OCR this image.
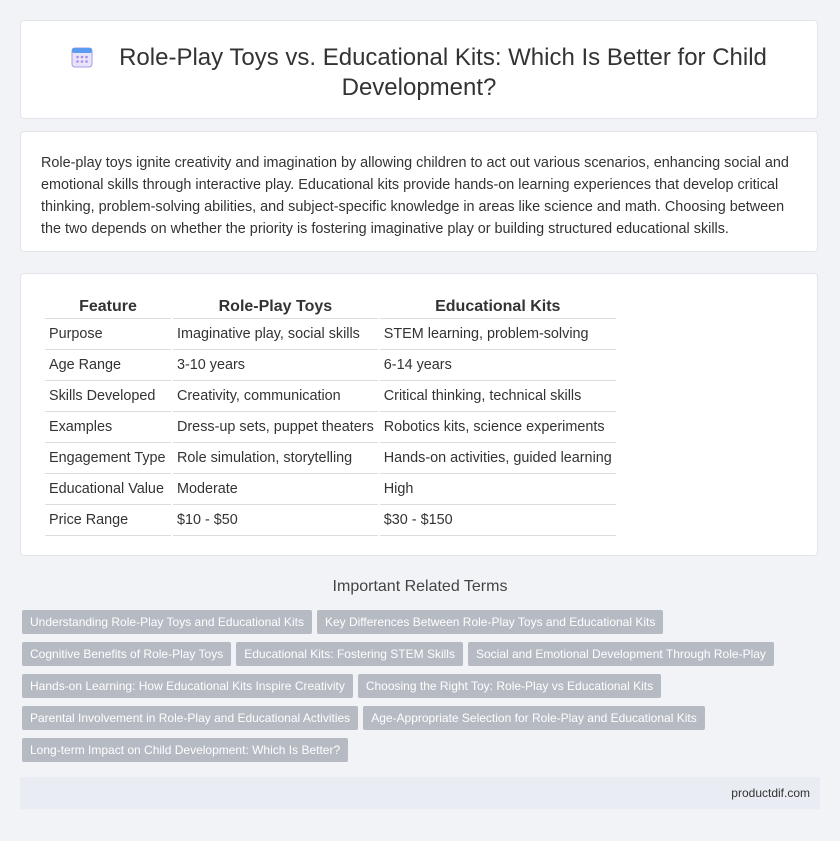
Role-Play Toys vs. Educational Kits: Which Is Better for Child Development?
Role-play toys ignite creativity and imagination by allowing children to act out various scenarios, enhancing social and emotional skills through interactive play. Educational kits provide hands-on learning experiences that develop critical thinking, problem-solving abilities, and subject-specific knowledge in areas like science and math. Choosing between the two depends on whether the priority is fostering imaginative play or building structured educational skills.
Feature	Role-Play Toys	Educational Kits
Purpose	Imaginative play, social skills	STEM learning, problem-solving
Age Range	3-10 years	6-14 years
Skills Developed	Creativity, communication	Critical thinking, technical skills
Examples	Dress-up sets, puppet theaters	Robotics kits, science experiments
Engagement Type	Role simulation, storytelling	Hands-on activities, guided learning
Educational Value	Moderate	High
Price Range	$10 - $50	$30 - $150
Important Related Terms
Understanding Role-Play Toys and Educational Kits Key Differences Between Role-Play Toys and Educational Kits
Cognitive Benefits of Role-Play Toys Educational Kits: Fostering STEM Skills Social and Emotional Development Through Role-Play
Hands-on Learning: How Educational Kits Inspire Creativity Choosing the Right Toy: Role-Play vs Educational Kits
Parental Involvement in Role-Play and Educational Activities Age-Appropriate Selection for Role-Play and Educational Kits
Long-term Impact on Child Development: Which Is Better?
productdif.com
